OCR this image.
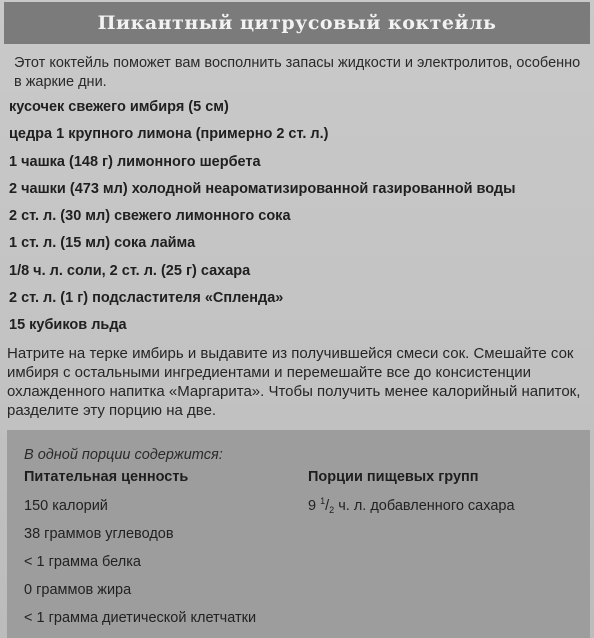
Пикантный цитрусовый коктейль
Этот коктейль поможет вам восполнить запасы жидкости и электролитов, особенно в жаркие дни.
кусочек свежего имбиря (5 см)
цедра 1 крупного лимона (примерно 2 ст. л.)
1 чашка (148 г) лимонного шербета
2 чашки (473 мл) холодной неароматизированной газированной воды
2 ст. л. (30 мл) свежего лимонного сока
1 ст. л. (15 мл) сока лайма
1/8 ч. л. соли, 2 ст. л. (25 г) сахара
2 ст. л. (1 г) подсластителя «Спленда»
15 кубиков льда
Натрите на терке имбирь и выдавите из получившейся смеси сок. Смешайте сок имбиря с остальными ингредиентами и перемешайте все до консистенции охлажденного напитка «Маргарита». Чтобы получить менее калорийный напиток, разделите эту порцию на две.
В одной порции содержится:
Питательная ценность	Порции пищевых групп
150 калорий
38 граммов углеводов
< 1 грамма белка
0 граммов жира
< 1 грамма диетической клетчатки
9 $^1/_2$ ч. л. добавленного сахара
